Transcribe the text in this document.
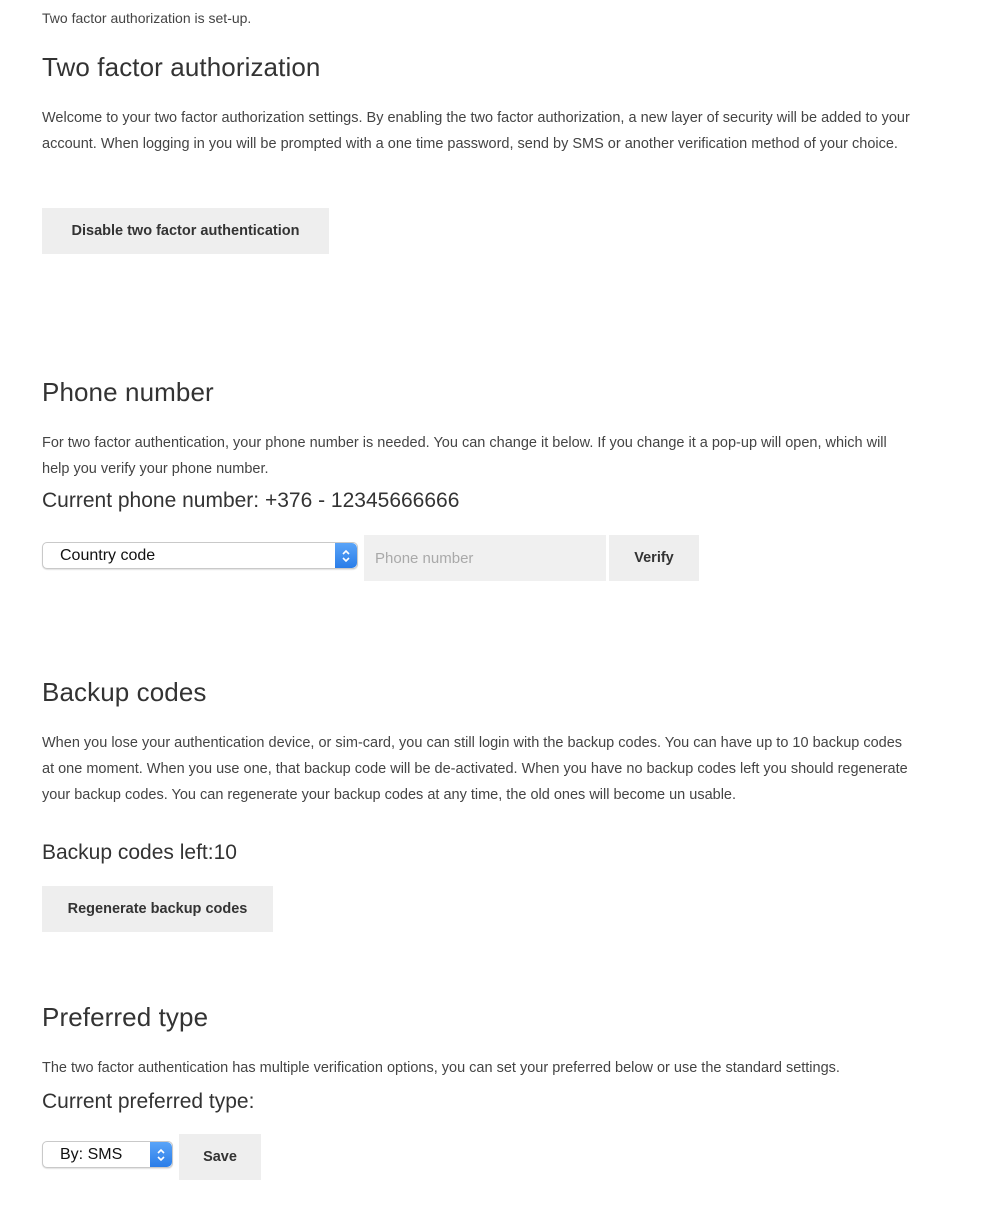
Two factor authorization is set-up.
Two factor authorization
Welcome to your two factor authorization settings. By enabling the two factor authorization, a new layer of security will be added to your account. When logging in you will be prompted with a one time password, send by SMS or another verification method of your choice.
Disable two factor authentication
Phone number
For two factor authentication, your phone number is needed. You can change it below. If you change it a pop-up will open, which will help you verify your phone number.
Current phone number: +376 - 12345666666
Country code	Phone number	Verify
Backup codes
When you lose your authentication device, or sim-card, you can still login with the backup codes. You can have up to 10 backup codes at one moment. When you use one, that backup code will be de-activated. When you have no backup codes left you should regenerate your backup codes. You can regenerate your backup codes at any time, the old ones will become un usable.
Backup codes left:10
Regenerate backup codes
Preferred type
The two factor authentication has multiple verification options, you can set your preferred below or use the standard settings.
Current preferred type:
By: SMS	Save
